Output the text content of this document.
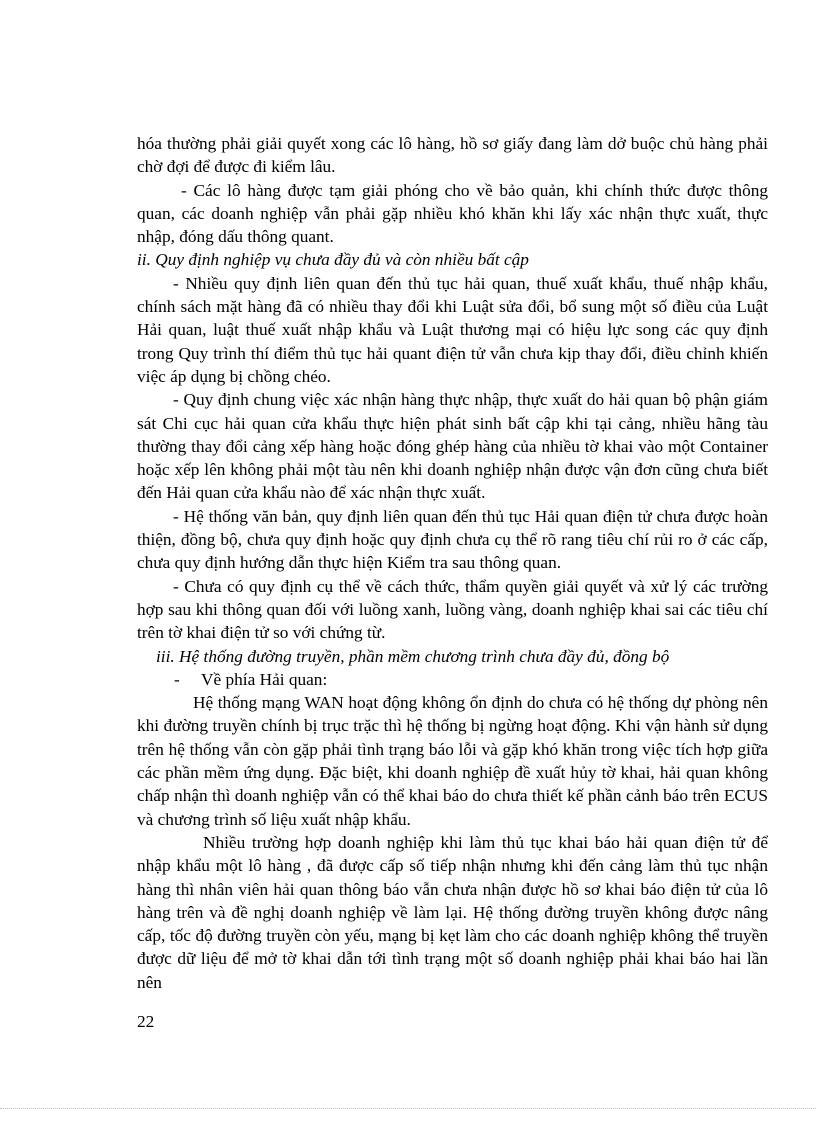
hóa thường phải giải quyết xong các lô hàng, hồ sơ giấy đang làm dở buộc chủ hàng phải chờ đợi để được đi kiểm lâu.

- Các lô hàng được tạm giải phóng cho về bảo quản, khi chính thức được thông quan, các doanh nghiệp vẫn phải gặp nhiều khó khăn khi lấy xác nhận thực xuất, thực nhập, đóng dấu thông quant.

ii. Quy định nghiệp vụ chưa đầy đủ và còn nhiều bất cập

- Nhiều quy định liên quan đến thủ tục hải quan, thuế xuất khẩu, thuế nhập khẩu, chính sách mặt hàng đã có nhiều thay đổi khi Luật sửa đổi, bổ sung một số điều của Luật Hải quan, luật thuế xuất nhập khẩu và Luật thương mại có hiệu lực song các quy định trong Quy trình thí điểm thủ tục hải quant điện tử vẫn chưa kịp thay đổi, điều chỉnh khiến việc áp dụng bị chồng chéo.

- Quy định chung việc xác nhận hàng thực nhập, thực xuất do hải quan bộ phận giám sát Chi cục hải quan cửa khẩu thực hiện phát sinh bất cập khi tại cảng, nhiều hãng tàu thường thay đổi cảng xếp hàng hoặc đóng ghép hàng của nhiều tờ khai vào một Container hoặc xếp lên không phải một tàu nên khi doanh nghiệp nhận được vận đơn cũng chưa biết đến Hải quan cửa khẩu nào để xác nhận thực xuất.

- Hệ thống văn bản, quy định liên quan đến thủ tục Hải quan điện tử chưa được hoàn thiện, đồng bộ, chưa quy định hoặc quy định chưa cụ thể rõ rang tiêu chí rủi ro ở các cấp, chưa quy định hướng dẫn thực hiện Kiểm tra sau thông quan.

- Chưa có quy định cụ thể về cách thức, thẩm quyền giải quyết và xử lý các trường hợp sau khi thông quan đối với luồng xanh, luồng vàng, doanh nghiệp khai sai các tiêu chí trên tờ khai điện tử so với chứng từ.

iii. Hệ thống đường truyền, phần mềm chương trình chưa đầy đủ, đồng bộ

-     Về phía Hải quan:

Hệ thống mạng WAN hoạt động không ổn định do chưa có hệ thống dự phòng nên khi đường truyền chính bị trục trặc thì hệ thống bị ngừng hoạt động. Khi vận hành sử dụng trên hệ thống vẫn còn gặp phải tình trạng báo lỗi và gặp khó khăn trong việc tích hợp giữa các phần mềm ứng dụng. Đặc biệt, khi doanh nghiệp đề xuất hủy tờ khai, hải quan không chấp nhận thì doanh nghiệp vẫn có thể khai báo do chưa thiết kế phần cảnh báo trên ECUS và chương trình số liệu xuất nhập khẩu.

Nhiều trường hợp doanh nghiệp khi làm thủ tục khai báo hải quan điện tử để nhập khẩu một lô hàng , đã được cấp số tiếp nhận nhưng khi đến cảng làm thủ tục nhận hàng thì nhân viên hải quan thông báo vẫn chưa nhận được hồ sơ khai báo điện tử của lô hàng trên và đề nghị doanh nghiệp về làm lại. Hệ thống đường truyền không được nâng cấp, tốc độ đường truyền còn yếu, mạng bị kẹt làm cho các doanh nghiệp không thể truyền được dữ liệu để mở tờ khai dẫn tới tình trạng một số doanh nghiệp phải khai báo hai lần nên

22
